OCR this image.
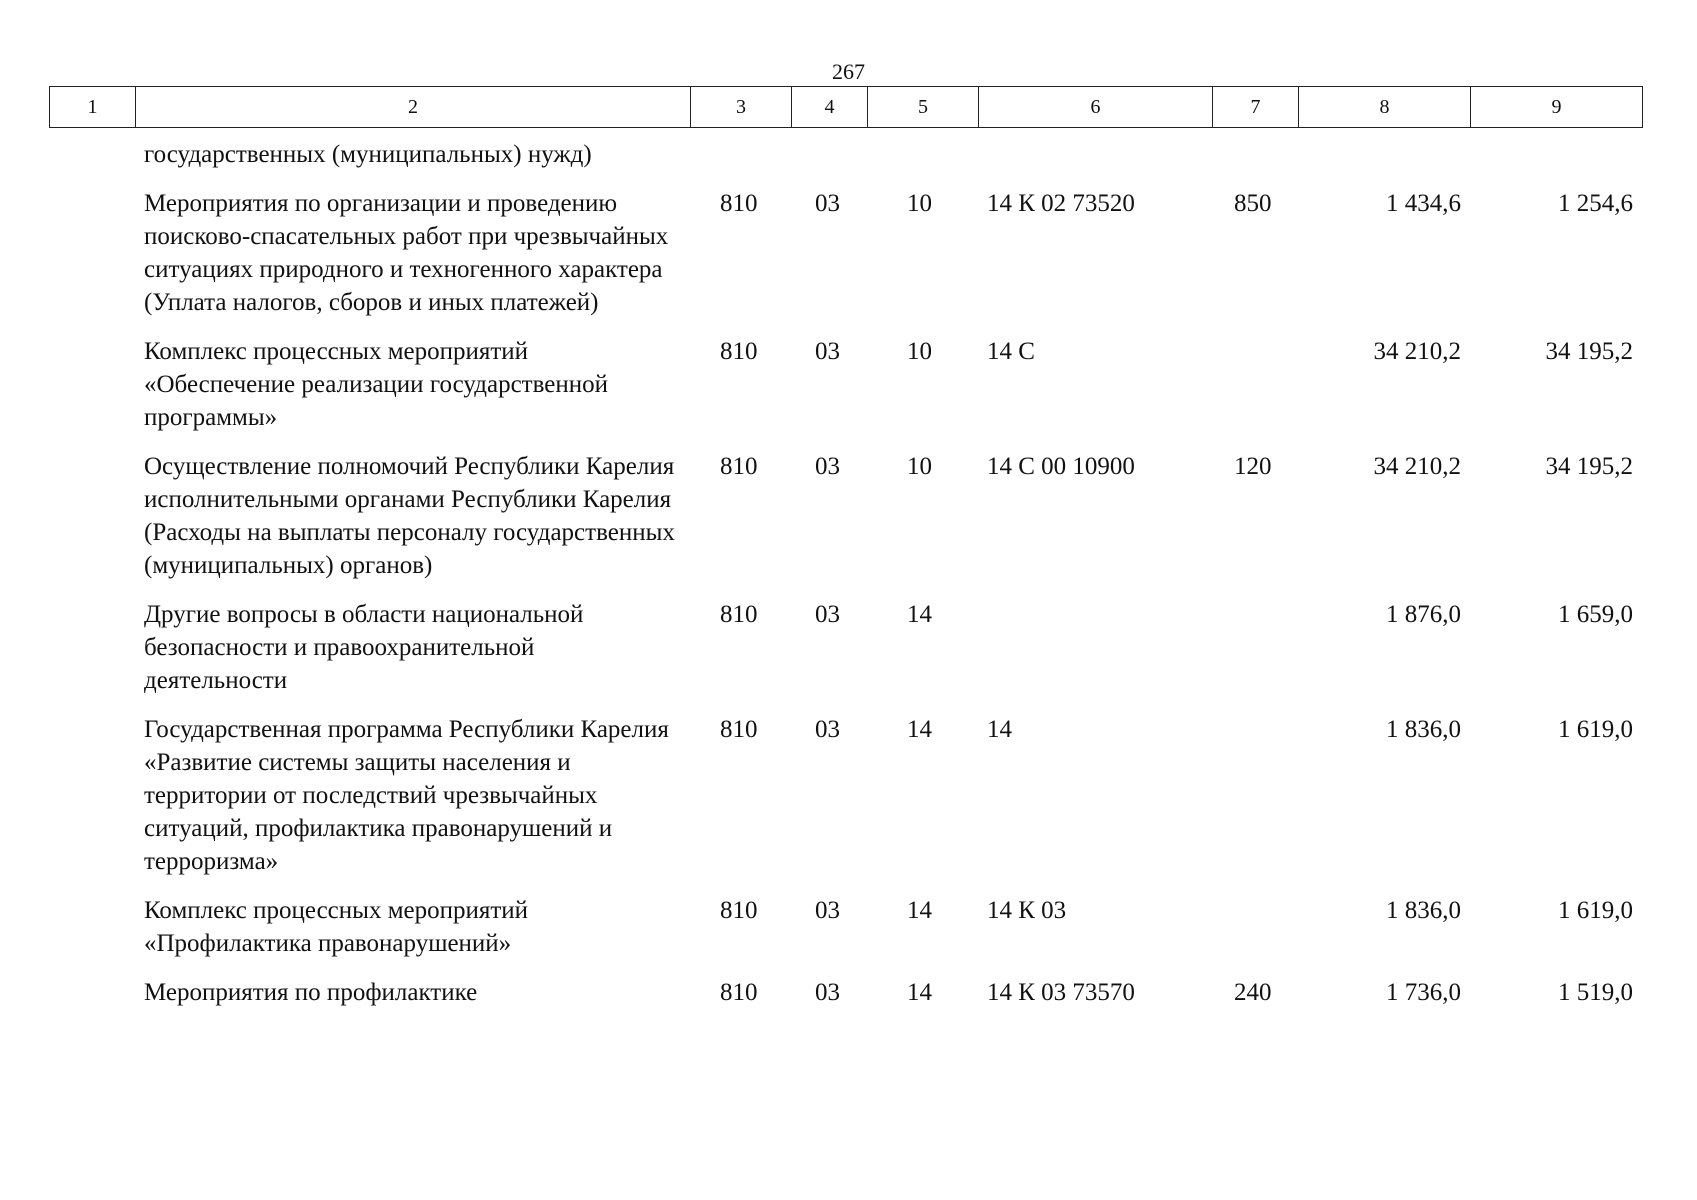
267
1	2	3	4	5	6	7	8	9
государственных (муниципальных) нужд)							
Мероприятия по организации и проведению поисково-спасательных работ при чрезвычайных ситуациях природного и техногенного характера (Уплата налогов, сборов и иных платежей)	810	03	10	14 К 02 73520	850	1 434,6	1 254,6
Комплекс процессных мероприятий «Обеспечение реализации государственной программы»	810	03	10	14 С		34 210,2	34 195,2
Осуществление полномочий Республики Карелия исполнительными органами Республики Карелия (Расходы на выплаты персоналу государственных (муниципальных) органов)	810	03	10	14 С 00 10900	120	34 210,2	34 195,2
Другие вопросы в области национальной безопасности и правоохранительной деятельности	810	03	14			1 876,0	1 659,0
Государственная программа Республики Карелия «Развитие системы защиты населения и территории от последствий чрезвычайных ситуаций, профилактика правонарушений и терроризма»	810	03	14	14		1 836,0	1 619,0
Комплекс процессных мероприятий «Профилактика правонарушений»	810	03	14	14 К 03		1 836,0	1 619,0
Мероприятия по профилактике	810	03	14	14 К 03 73570	240	1 736,0	1 519,0
